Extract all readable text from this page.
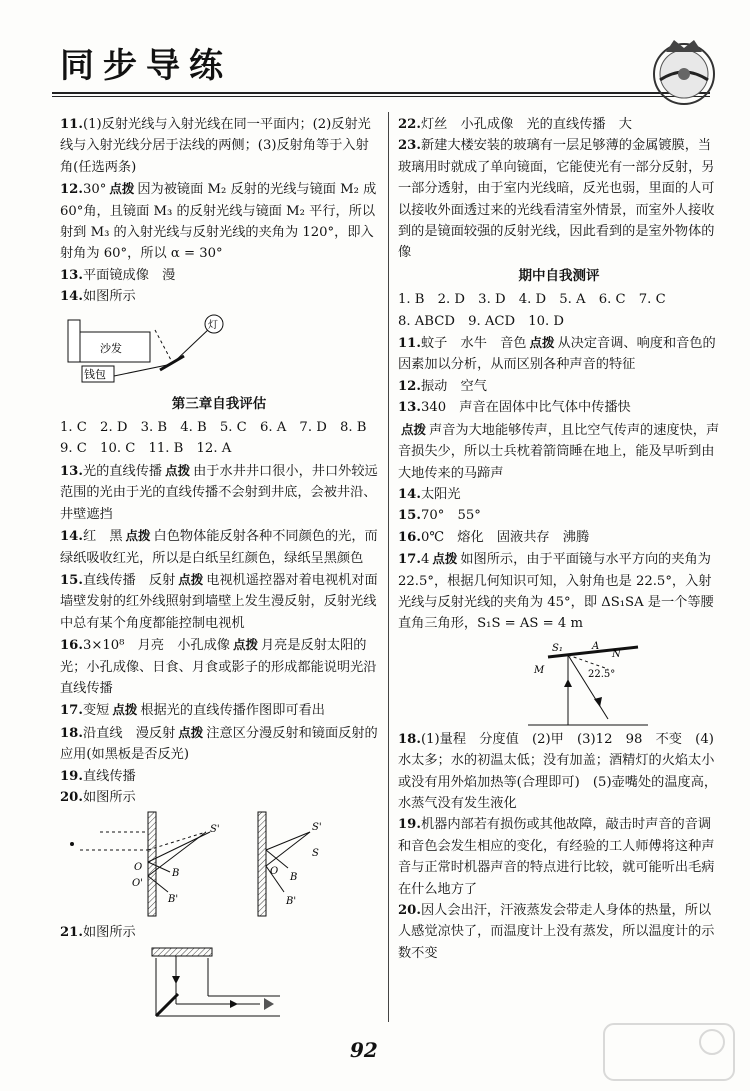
同步导练

11.(1)反射光线与入射光线在同一平面内；(2)反射光线与入射光线分居于法线的两侧；(3)反射角等于入射角(任选两条)

12.30° 点拨 因为被镜面 M₂ 反射的光线与镜面 M₂ 成60°角，且镜面 M₃ 的反射光线与镜面 M₂ 平行，所以射到 M₃ 的入射光线与反射光线的夹角为 120°，即入射角为 60°，所以 α = 30°

13.平面镜成像　漫

14.如图所示

沙发
钱包
灯

第三章自我评估

1. C　2. D　3. B　4. B　5. C　6. A　7. D　8. B

9. C　10. C　11. B　12. A

13.光的直线传播 点拨 由于水井井口很小，井口外较远范围的光由于光的直线传播不会射到井底，会被井沿、井壁遮挡

14.红　黑 点拨 白色物体能反射各种不同颜色的光，而绿纸吸收红光，所以是白纸呈红颜色，绿纸呈黑颜色

15.直线传播　反射 点拨 电视机遥控器对着电视机对面墙壁发射的红外线照射到墙壁上发生漫反射，反射光线中总有某个角度都能控制电视机

16.3×10⁸　月亮　小孔成像 点拨 月亮是反射太阳的光；小孔成像、日食、月食或影子的形成都能说明光沿直线传播

17.变短 点拨 根据光的直线传播作图即可看出

18.沿直线　漫反射 点拨 注意区分漫反射和镜面反射的应用(如黑板是否反光)

19.直线传播

20.如图所示

S'
O
O'
B
B'
S'
S
O
B
B'

21.如图所示

22.灯丝　小孔成像　光的直线传播　大

23.新建大楼安装的玻璃有一层足够薄的金属镀膜，当玻璃用时就成了单向镜面，它能使光有一部分反射，另一部分透射，由于室内光线暗，反光也弱，里面的人可以接收外面透过来的光线看清室外情景，而室外人接收到的是镜面较强的反射光线，因此看到的是室外物体的像

期中自我测评

1. B　2. D　3. D　4. D　5. A　6. C　7. C

8. ABCD　9. ACD　10. D

11.蚊子　水牛　音色 点拨 从决定音调、响度和音色的因素加以分析，从而区别各种声音的特征

12.振动　空气

13.340　声音在固体中比气体中传播快
点拨 声音为大地能够传声，且比空气传声的速度快，声音损失少，所以士兵枕着箭筒睡在地上，能及早听到由大地传来的马蹄声

14.太阳光

15.70°　55°

16.0℃　熔化　固液共存　沸腾

17.4 点拨 如图所示，由于平面镜与水平方向的夹角为 22.5°，根据几何知识可知，入射角也是 22.5°，入射光线与反射光线的夹角为 45°，即 ΔS₁SA 是一个等腰直角三角形，S₁S = AS = 4 m

S₁	A
N
M	22.5°

18.(1)量程　分度值　(2)甲　(3)12　98　不变　(4)水太多；水的初温太低；没有加盖；酒精灯的火焰太小或没有用外焰加热等(合理即可)　(5)壶嘴处的温度高，水蒸气没有发生液化

19.机器内部若有损伤或其他故障，敲击时声音的音调和音色会发生相应的变化，有经验的工人师傅将这种声音与正常时机器声音的特点进行比较，就可能听出毛病在什么地方了

20.因人会出汗，汗液蒸发会带走人身体的热量，所以人感觉凉快了，而温度计上没有蒸发，所以温度计的示数不变

92
